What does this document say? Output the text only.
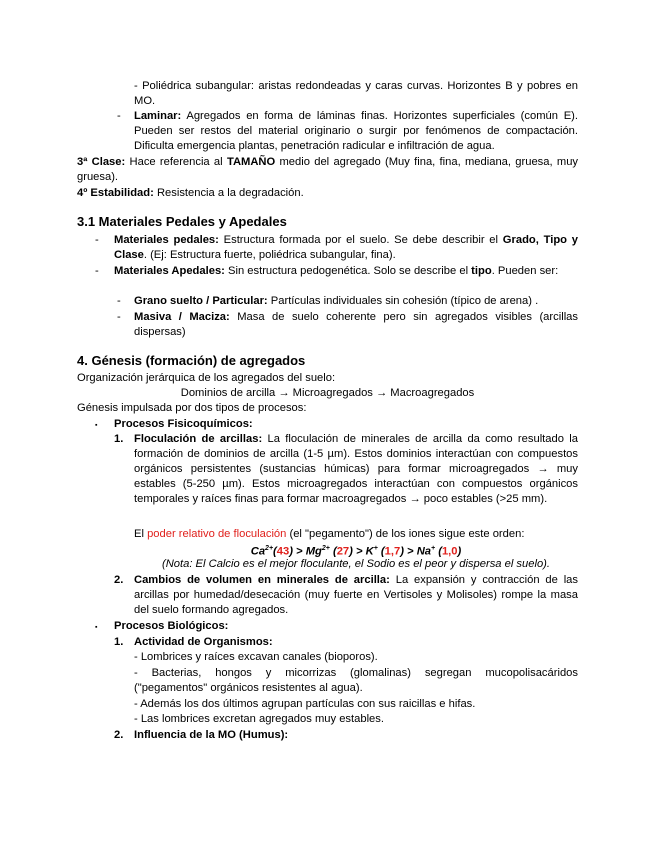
- Poliédrica subangular: aristas redondeadas y caras curvas. Horizontes B y pobres en MO.
- Laminar: Agregados en forma de láminas finas. Horizontes superficiales (común E). Pueden ser restos del material originario o surgir por fenómenos de compactación. Dificulta emergencia plantas, penetración radicular e infiltración de agua.
3ª Clase: Hace referencia al TAMAÑO medio del agregado (Muy fina, fina, mediana, gruesa, muy gruesa).
4º Estabilidad: Resistencia a la degradación.
3.1 Materiales Pedales y Apedales
- Materiales pedales: Estructura formada por el suelo. Se debe describir el Grado, Tipo y Clase. (Ej: Estructura fuerte, poliédrica subangular, fina).
- Materiales Apedales: Sin estructura pedogenética. Solo se describe el tipo. Pueden ser:
- Grano suelto / Particular: Partículas individuales sin cohesión (típico de arena) .
- Masiva / Maciza: Masa de suelo coherente pero sin agregados visibles (arcillas dispersas)
4. Génesis (formación) de agregados
Organización jerárquica de los agregados del suelo:
Dominios de arcilla → Microagregados → Macroagregados
Génesis impulsada por dos tipos de procesos:
▪ Procesos Fisicoquímicos:
1. Floculación de arcillas: La floculación de minerales de arcilla da como resultado la formación de dominios de arcilla (1-5 µm). Estos dominios interactúan con compuestos orgánicos persistentes (sustancias húmicas) para formar microagregados → muy estables (5-250 µm). Estos microagregados interactúan con compuestos orgánicos temporales y raíces finas para formar macroagregados → poco estables (>25 mm).
El poder relativo de floculación (el "pegamento") de los iones sigue este orden:
$Ca^{2+}(43) > Mg^{2+}$ (27) > K+ (1,7) > Na+ (1,0)
(Nota: El Calcio es el mejor floculante, el Sodio es el peor y dispersa el suelo).
2. Cambios de volumen en minerales de arcilla: La expansión y contracción de las arcillas por humedad/desecación (muy fuerte en Vertisoles y Molisoles) rompe la masa del suelo formando agregados.
▪ Procesos Biológicos:
1. Actividad de Organismos:
- Lombrices y raíces excavan canales (bioporos).
- Bacterias, hongos y micorrizas (glomalinas) segregan mucopolisacáridos ("pegamentos" orgánicos resistentes al agua).
- Además los dos últimos agrupan partículas con sus raicillas e hifas.
- Las lombrices excretan agregados muy estables.
2. Influencia de la MO (Humus):
